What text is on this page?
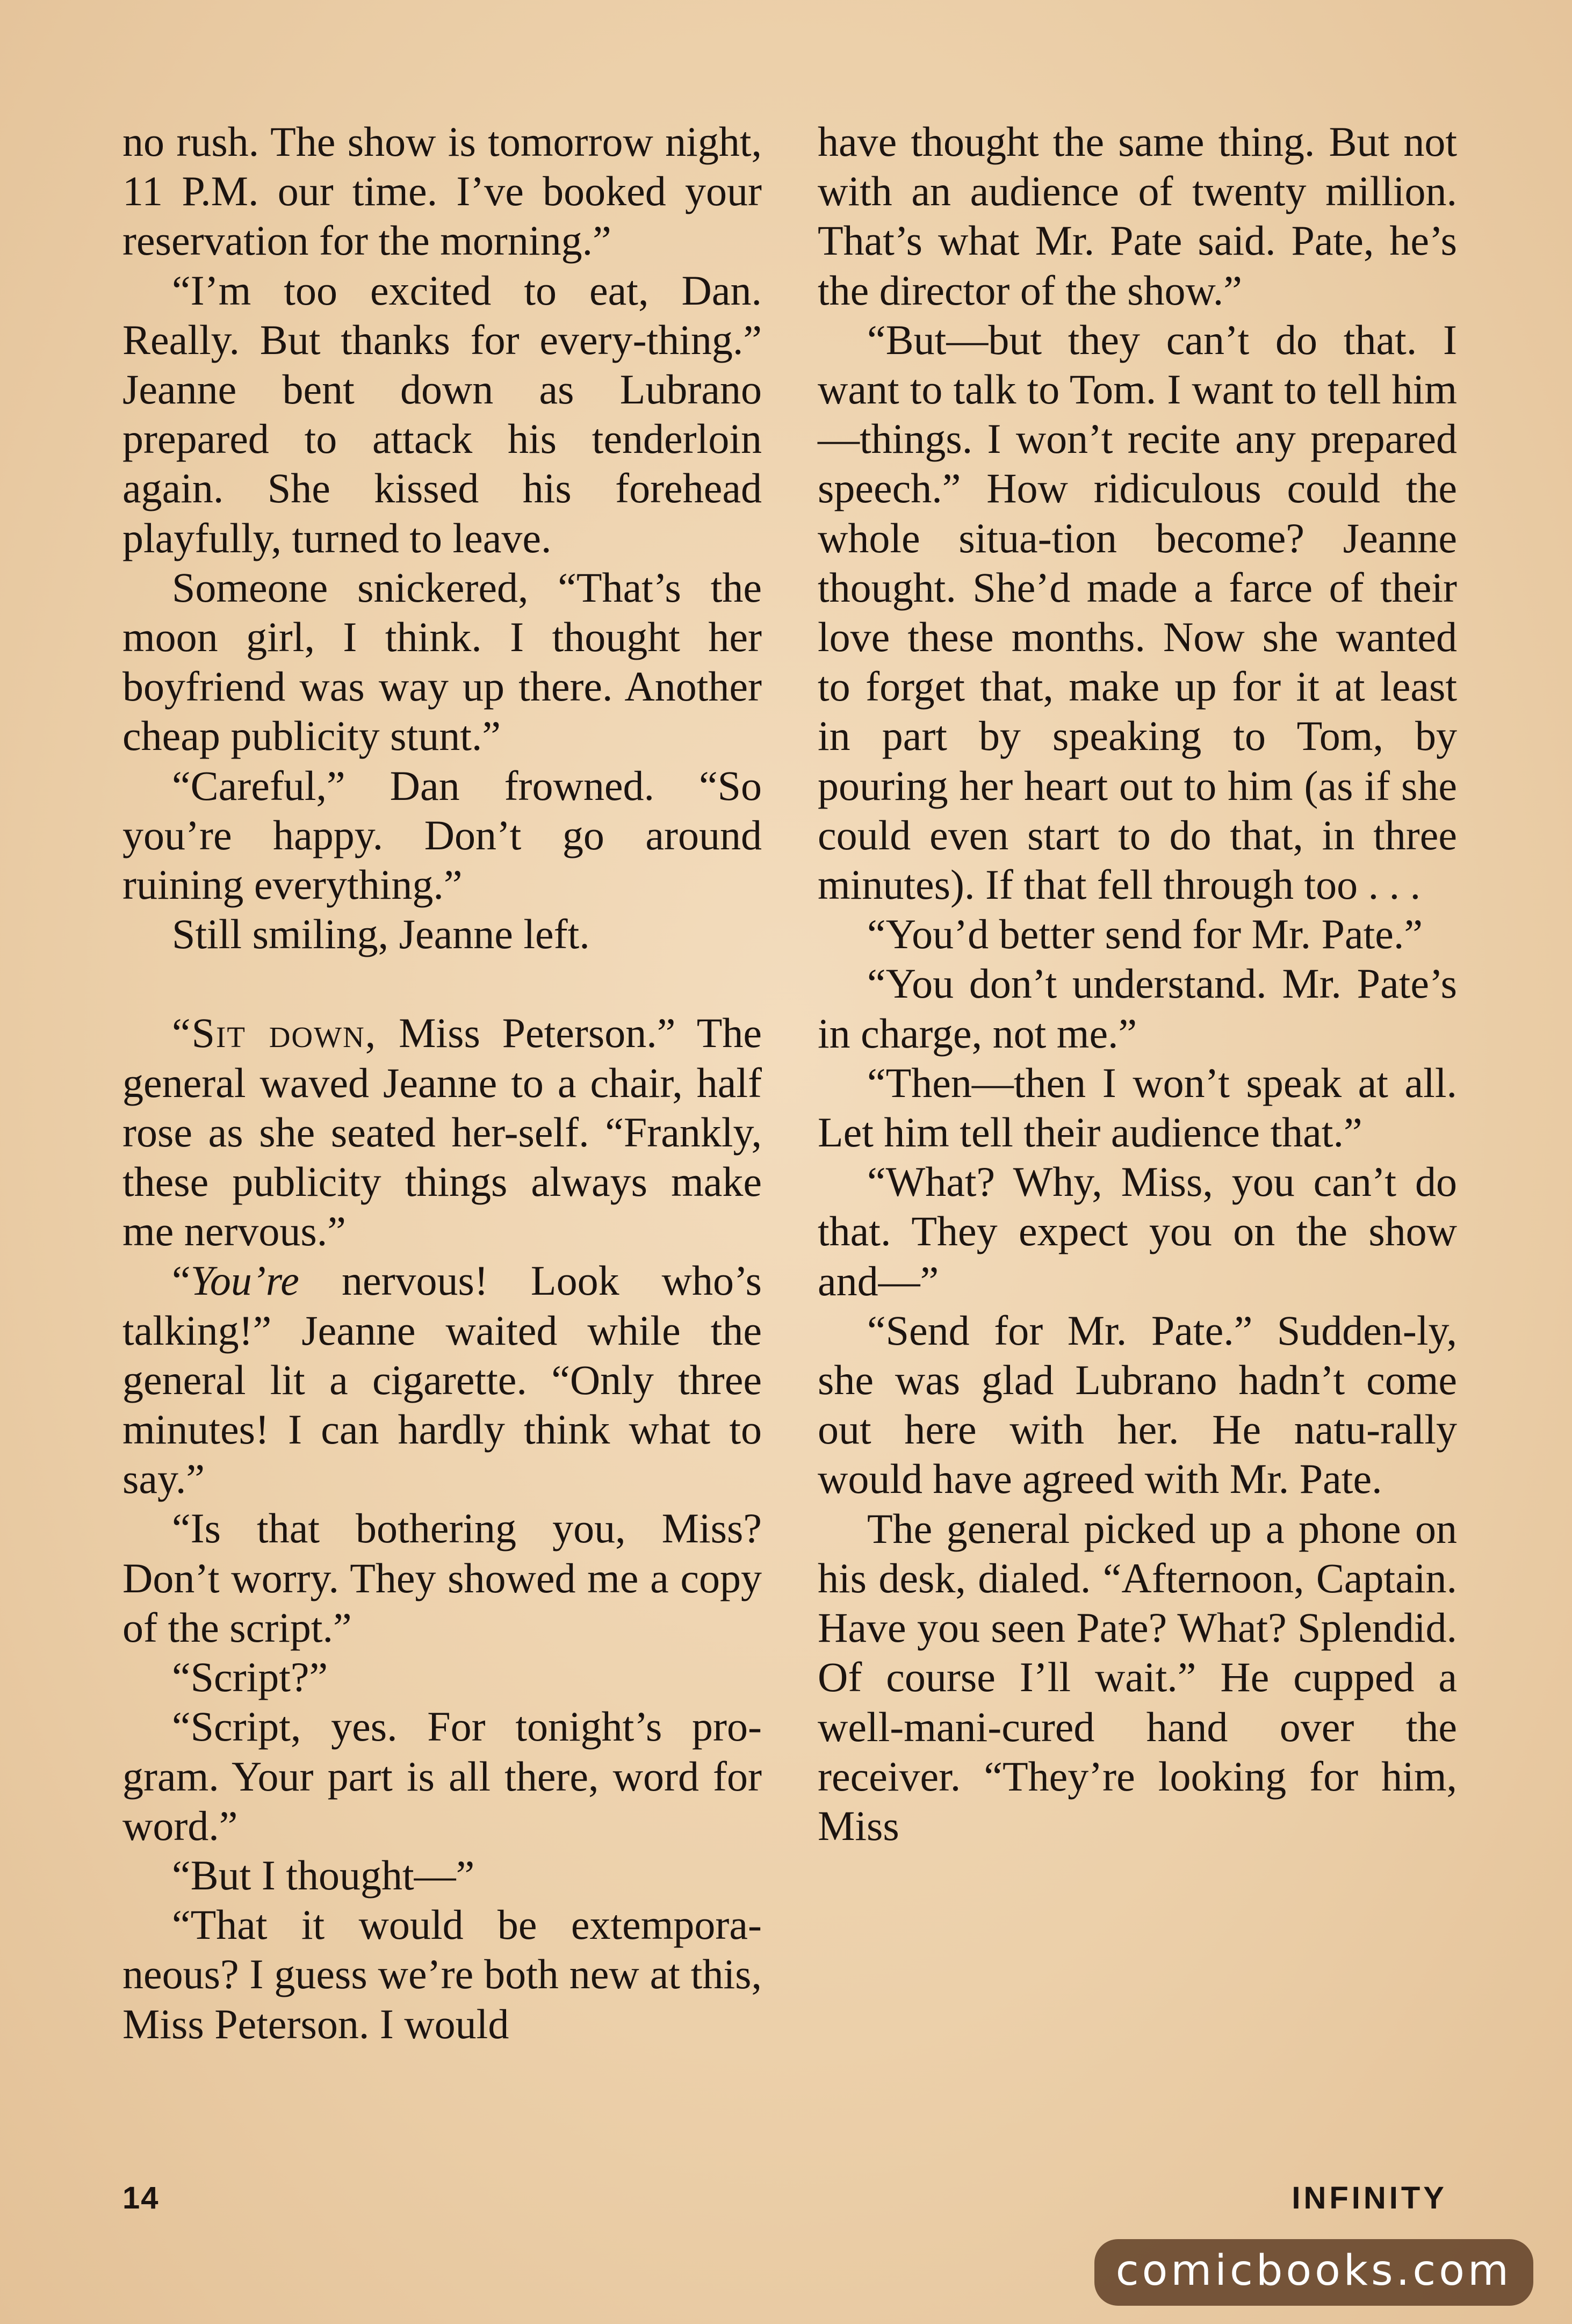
no rush. The show is tomorrow night, 11 P.M. our time. I’ve booked your reservation for the morning.”

“I’m too excited to eat, Dan. Really. But thanks for every-thing.” Jeanne bent down as Lubrano prepared to attack his tenderloin again. She kissed his forehead playfully, turned to leave.

Someone snickered, “That’s the moon girl, I think. I thought her boyfriend was way up there. Another cheap publicity stunt.”

“Careful,” Dan frowned. “So you’re happy. Don’t go around ruining everything.”

Still smiling, Jeanne left.

“Sit down, Miss Peterson.” The general waved Jeanne to a chair, half rose as she seated her-self. “Frankly, these publicity things always make me nervous.”

“You’re nervous! Look who’s talking!” Jeanne waited while the general lit a cigarette. “Only three minutes! I can hardly think what to say.”

“Is that bothering you, Miss? Don’t worry. They showed me a copy of the script.”

“Script?”

“Script, yes. For tonight’s pro-gram. Your part is all there, word for word.”

“But I thought—”

“That it would be extempora-neous? I guess we’re both new at this, Miss Peterson. I would

have thought the same thing. But not with an audience of twenty million. That’s what Mr. Pate said. Pate, he’s the director of the show.”

“But—but they can’t do that. I want to talk to Tom. I want to tell him—things. I won’t recite any prepared speech.” How ridiculous could the whole situa-tion become? Jeanne thought. She’d made a farce of their love these months. Now she wanted to forget that, make up for it at least in part by speaking to Tom, by pouring her heart out to him (as if she could even start to do that, in three minutes). If that fell through too . . .

“You’d better send for Mr. Pate.”

“You don’t understand. Mr. Pate’s in charge, not me.”

“Then—then I won’t speak at all. Let him tell their audience that.”

“What? Why, Miss, you can’t do that. They expect you on the show and—”

“Send for Mr. Pate.” Sudden-ly, she was glad Lubrano hadn’t come out here with her. He natu-rally would have agreed with Mr. Pate.

The general picked up a phone on his desk, dialed. “Afternoon, Captain. Have you seen Pate? What? Splendid. Of course I’ll wait.” He cupped a well-mani-cured hand over the receiver. “They’re looking for him, Miss

14	INFINITY
comicbooks.com
